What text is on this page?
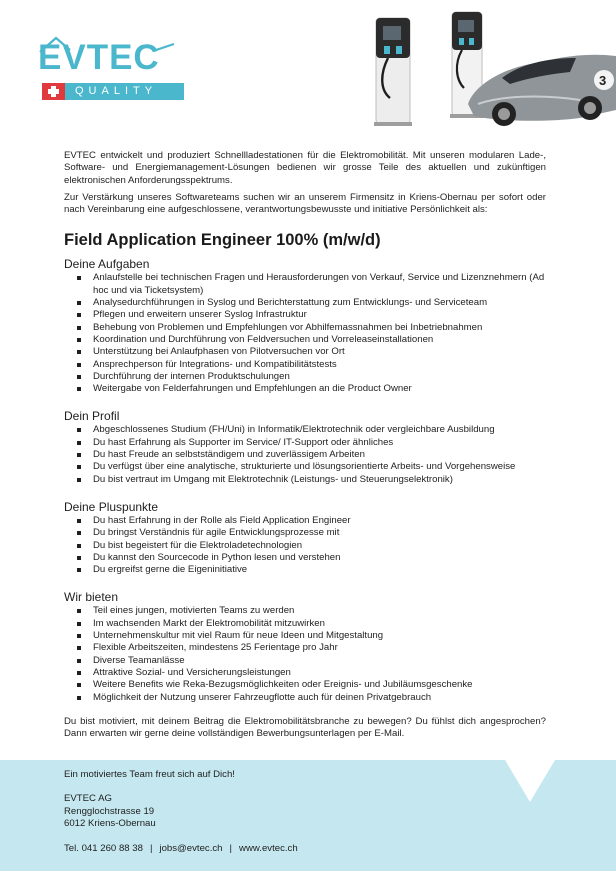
EVTEC
QUALITY
3

EVTEC entwickelt und produziert Schnellladestationen für die Elektromobilität. Mit unseren modularen Lade-, Software- und Energiemanagement-Lösungen bedienen wir grosse Teile des aktuellen und zukünftigen elektronischen Anforderungsspektrums.

Zur Verstärkung unseres Softwareteams suchen wir an unserem Firmensitz in Kriens-Obernau per sofort oder nach Vereinbarung eine aufgeschlossene, verantwortungsbewusste und initiative Persönlichkeit als:

Field Application Engineer 100% (m/w/d)
Deine Aufgaben
Anlaufstelle bei technischen Fragen und Herausforderungen von Verkauf, Service und Lizenznehmern (Ad hoc und via Ticketsystem)
Analysedurchführungen in Syslog und Berichterstattung zum Entwicklungs- und Serviceteam
Pflegen und erweitern unserer Syslog Infrastruktur
Behebung von Problemen und Empfehlungen vor Abhilfemassnahmen bei Inbetriebnahmen
Koordination und Durchführung von Feldversuchen und Vorreleaseinstallationen
Unterstützung bei Anlaufphasen von Pilotversuchen vor Ort
Ansprechperson für Integrations- und Kompatibilitätstests
Durchführung der internen Produktschulungen
Weitergabe von Felderfahrungen und Empfehlungen an die Product Owner
Dein Profil
Abgeschlossenes Studium (FH/Uni) in Informatik/Elektrotechnik oder vergleichbare Ausbildung
Du hast Erfahrung als Supporter im Service/ IT-Support oder ähnliches
Du hast Freude an selbstständigem und zuverlässigem Arbeiten
Du verfügst über eine analytische, strukturierte und lösungsorientierte Arbeits- und Vorgehensweise
Du bist vertraut im Umgang mit Elektrotechnik (Leistungs- und Steuerungselektronik)
Deine Pluspunkte
Du hast Erfahrung in der Rolle als Field Application Engineer
Du bringst Verständnis für agile Entwicklungsprozesse mit
Du bist begeistert für die Elektroladetechnologien
Du kannst den Sourcecode in Python lesen und verstehen
Du ergreifst gerne die Eigeninitiative
Wir bieten
Teil eines jungen, motivierten Teams zu werden
Im wachsenden Markt der Elektromobilität mitzuwirken
Unternehmenskultur mit viel Raum für neue Ideen und Mitgestaltung
Flexible Arbeitszeiten, mindestens 25 Ferientage pro Jahr
Diverse Teamanlässe
Attraktive Sozial- und Versicherungsleistungen
Weitere Benefits wie Reka-Bezugsmöglichkeiten oder Ereignis- und Jubiläumsgeschenke
Möglichkeit der Nutzung unserer Fahrzeugflotte auch für deinen Privatgebrauch

Du bist motiviert, mit deinem Beitrag die Elektromobilitätsbranche zu bewegen? Du fühlst dich angesprochen? Dann erwarten wir gerne deine vollständigen Bewerbungsunterlagen per E-Mail.

Ein motiviertes Team freut sich auf Dich!

EVTEC AG

Rengglochstrasse 19

6012 Kriens-Obernau

Tel. 041 260 88 38 | jobs@evtec.ch | www.evtec.ch
